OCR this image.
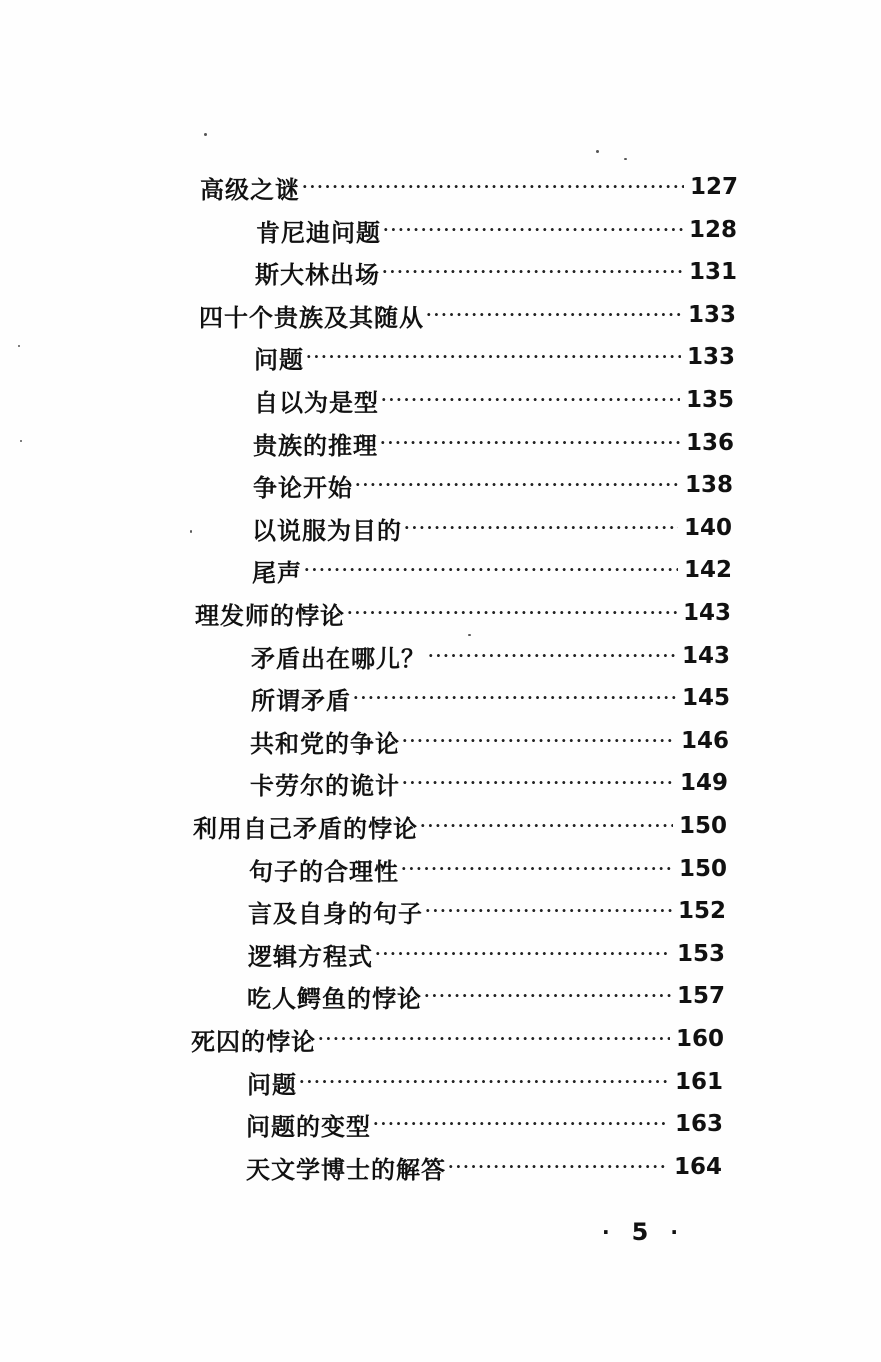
高级之谜 ·····	127
肯尼迪问题 ·····	128
斯大林出场 ·····	131
四十个贵族及其随从 ·····	133
问题 ·····	133
自以为是型 ·····	135
贵族的推理 ·····	136
争论开始 ·····	138
以说服为目的 ·····	140
尾声 ·····	142
理发师的悖论 ·····	143
矛盾出在哪儿？ ·····	143
所谓矛盾 ·····	145
共和党的争论 ·····	146
卡劳尔的诡计 ·····	149
利用自己矛盾的悖论 ·····	150
句子的合理性 ·····	150
言及自身的句子 ·····	152
逻辑方程式 ·····	153
吃人鳄鱼的悖论 ·····	157
死囚的悖论 ·····	160
问题 ·····	161
问题的变型 ·····	163
天文学博士的解答 ·····	164
· 5 ·
